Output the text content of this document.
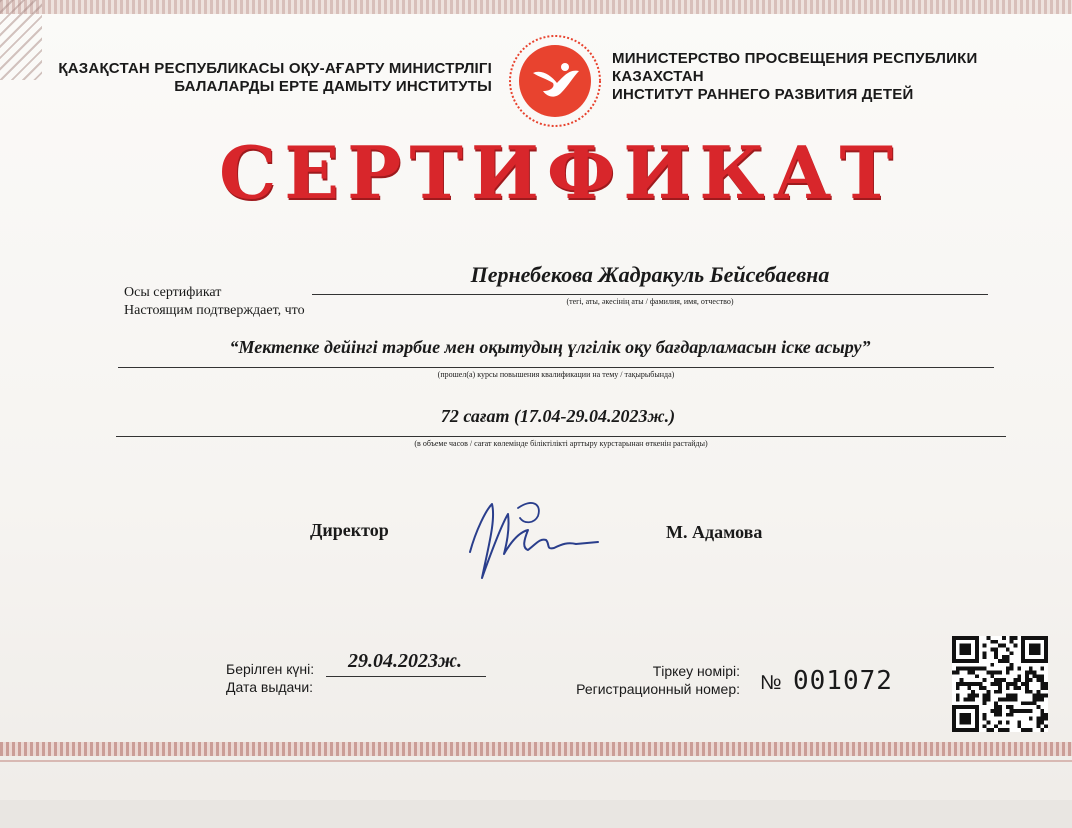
ҚАЗАҚСТАН РЕСПУБЛИКАСЫ ОҚУ-АҒАРТУ МИНИСТРЛІГІ
БАЛАЛАРДЫ ЕРТЕ ДАМЫТУ ИНСТИТУТЫ
МИНИСТЕРСТВО ПРОСВЕЩЕНИЯ РЕСПУБЛИКИ КАЗАХСТАН
ИНСТИТУТ РАННЕГО РАЗВИТИЯ ДЕТЕЙ
СЕРТИФИКАТ
Осы сертификат
Настоящим подтверждает, что
Пернебекова Жадракуль Бейсебаевна
(тегі, аты, әкесінің аты / фамилия, имя, отчество)
“Мектепке дейінгі тәрбие мен оқытудың үлгілік оқу бағдарламасын іске асыру”
(прошел(а) курсы повышения квалификации на тему / тақырыбында)
72 сағат (17.04-29.04.2023ж.)
(в объеме часов / сағат көлемінде біліктілікті арттыру курстарынан өткенін растайды)
Директор	М. Адамова
Берілген күні:
Дата выдачи:
29.04.2023ж.	Тіркеу номірі:
Регистрационный номер: № 001072
